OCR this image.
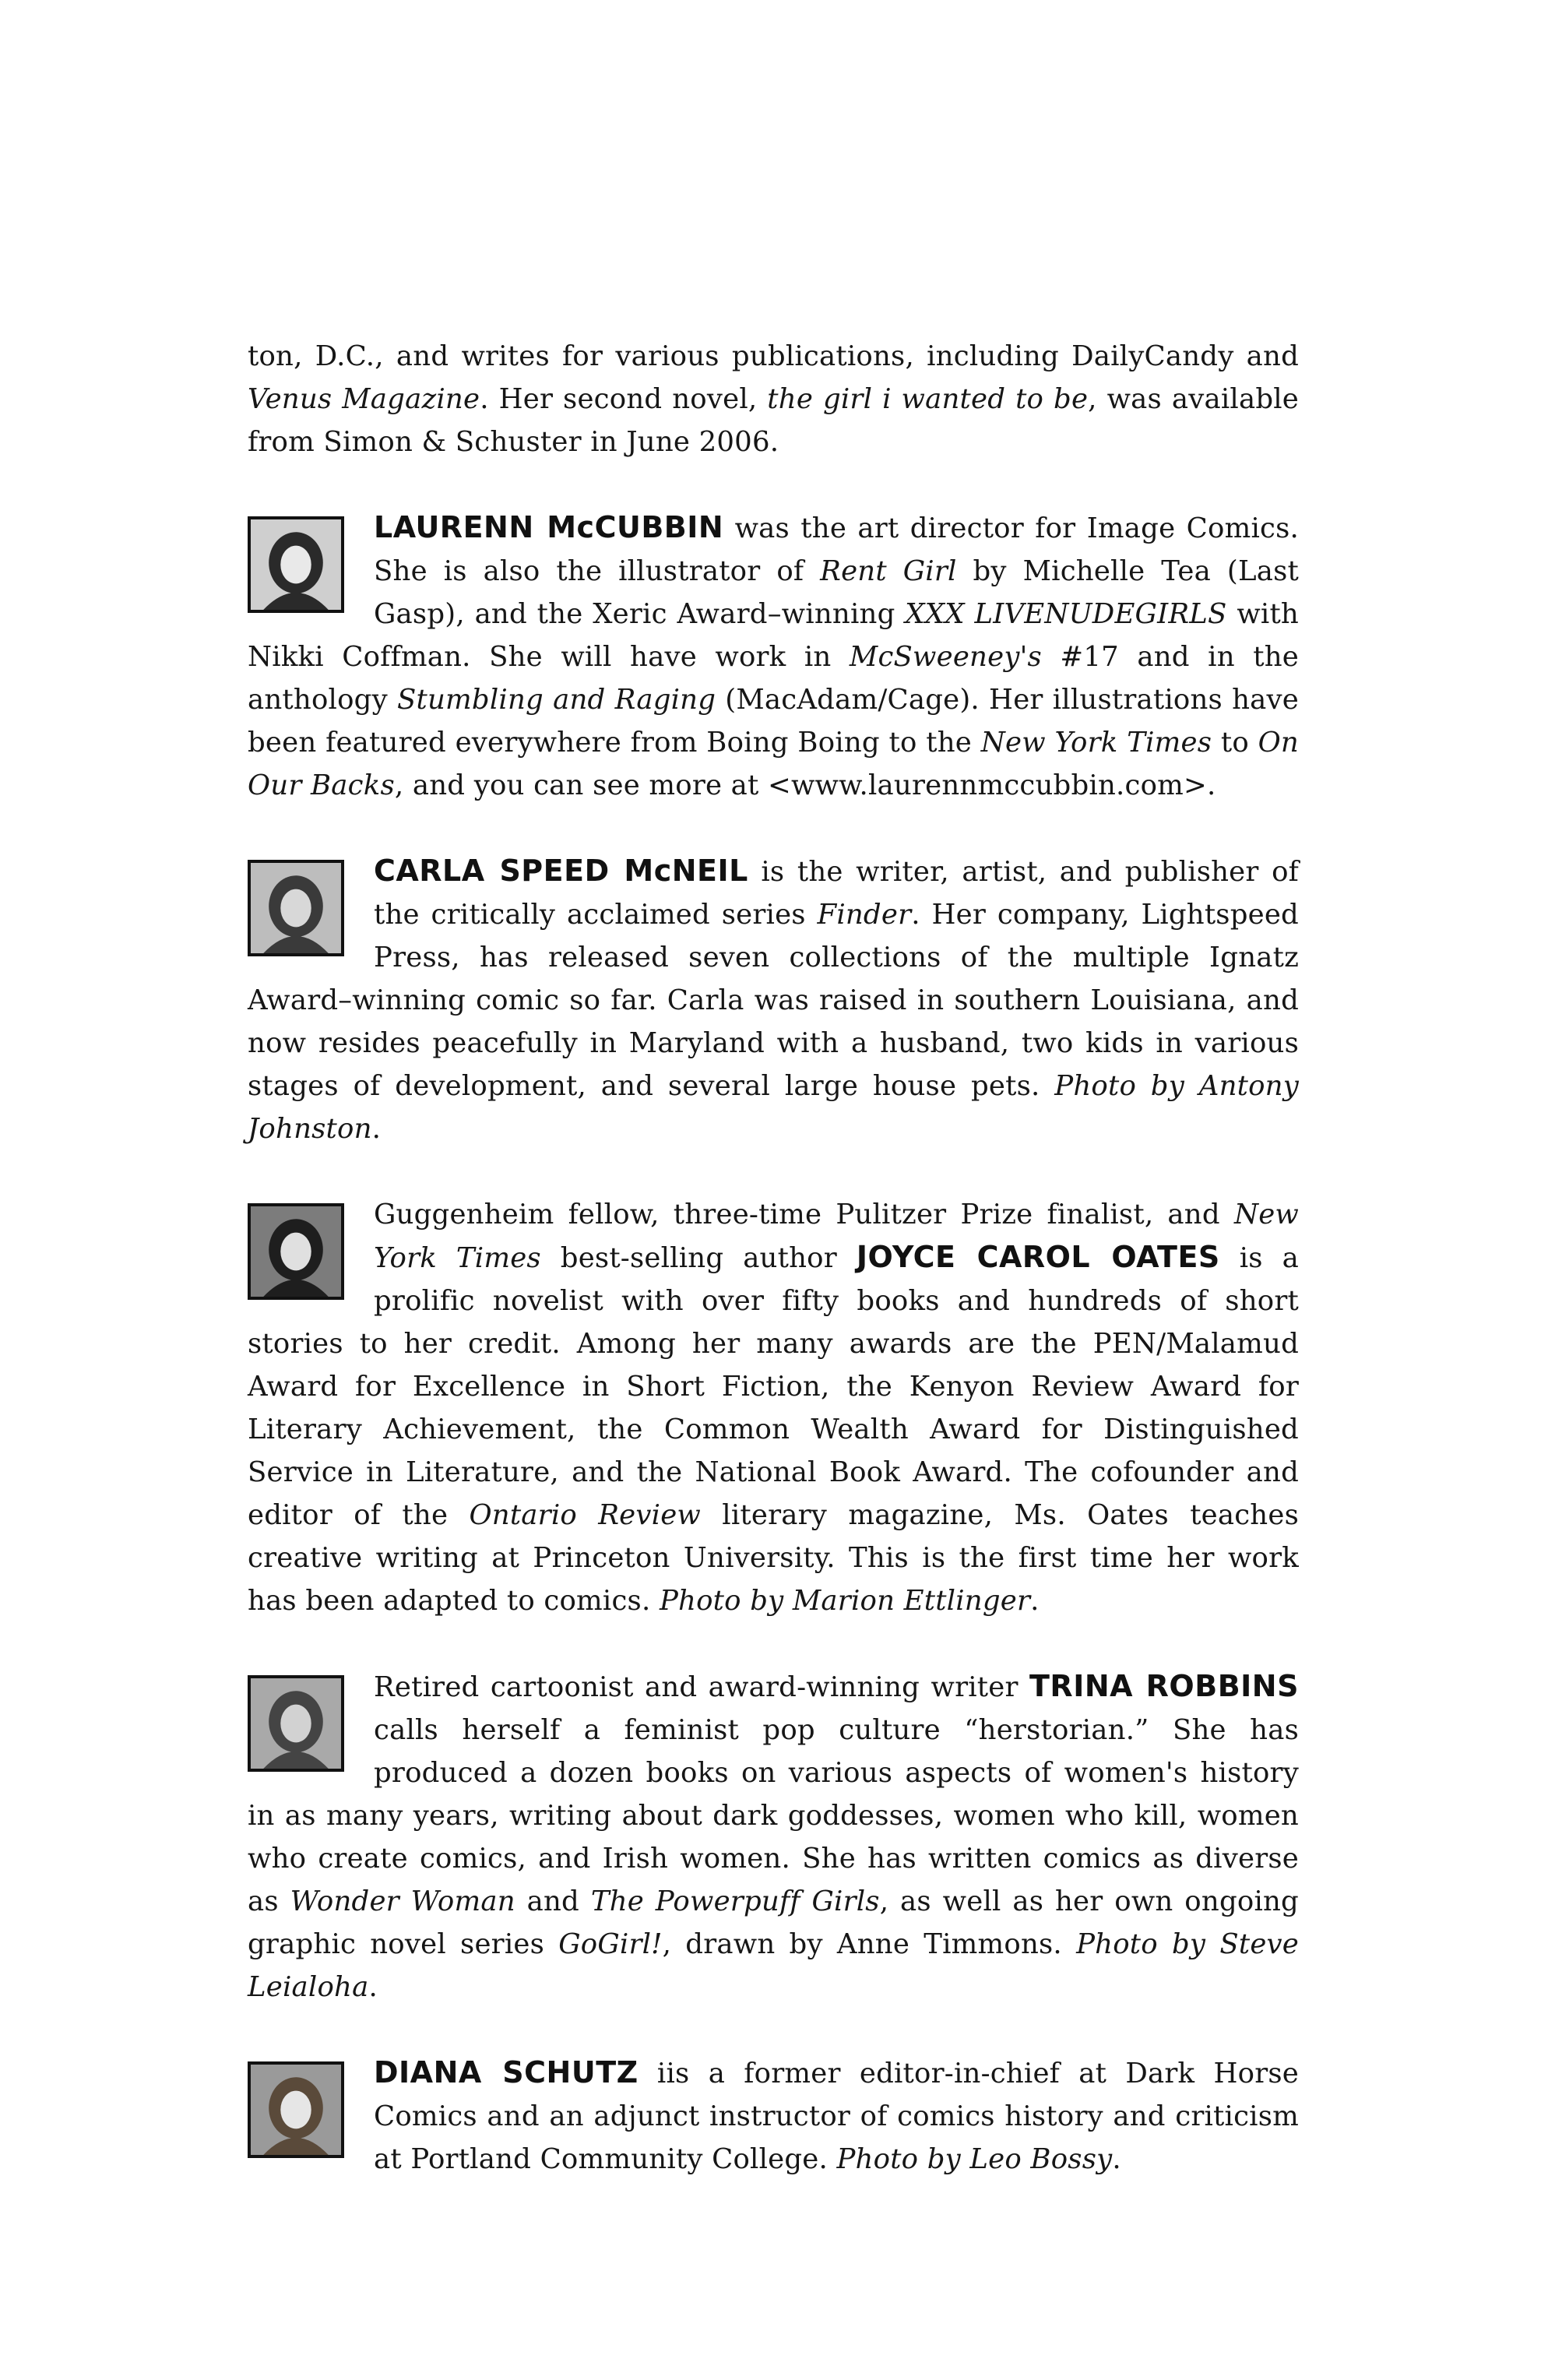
ton, D.C., and writes for various publications, including DailyCandy and Venus Magazine. Her second novel, the girl i wanted to be, was available from Simon & Schuster in June 2006.
LAURENN McCUBBIN was the art director for Image Comics. She is also the illustrator of Rent Girl by Michelle Tea (Last Gasp), and the Xeric Award–winning XXX LIVENUDEGIRLS with Nikki Coffman. She will have work in McSweeney's #17 and in the anthology Stumbling and Raging (MacAdam/Cage). Her illustrations have been featured everywhere from Boing Boing to the New York Times to On Our Backs, and you can see more at <www.laurennmccubbin.com>.
CARLA SPEED McNEIL is the writer, artist, and publisher of the critically acclaimed series Finder. Her company, Lightspeed Press, has released seven collections of the multiple Ignatz Award–winning comic so far. Carla was raised in southern Louisiana, and now resides peacefully in Maryland with a husband, two kids in various stages of development, and several large house pets. Photo by Antony Johnston.
Guggenheim fellow, three-time Pulitzer Prize finalist, and New York Times best-selling author JOYCE CAROL OATES is a prolific novelist with over fifty books and hundreds of short stories to her credit. Among her many awards are the PEN/Malamud Award for Excellence in Short Fiction, the Kenyon Review Award for Literary Achievement, the Common Wealth Award for Distinguished Service in Literature, and the National Book Award. The cofounder and editor of the Ontario Review literary magazine, Ms. Oates teaches creative writing at Princeton University. This is the first time her work has been adapted to comics. Photo by Marion Ettlinger.
Retired cartoonist and award-winning writer TRINA ROBBINS calls herself a feminist pop culture “herstorian.” She has produced a dozen books on various aspects of women's history in as many years, writing about dark goddesses, women who kill, women who create comics, and Irish women. She has written comics as diverse as Wonder Woman and The Powerpuff Girls, as well as her own ongoing graphic novel series GoGirl!, drawn by Anne Timmons. Photo by Steve Leialoha.
DIANA SCHUTZ iis a former editor-in-chief at Dark Horse Comics and an adjunct instructor of comics history and criticism at Portland Community College. Photo by Leo Bossy.
